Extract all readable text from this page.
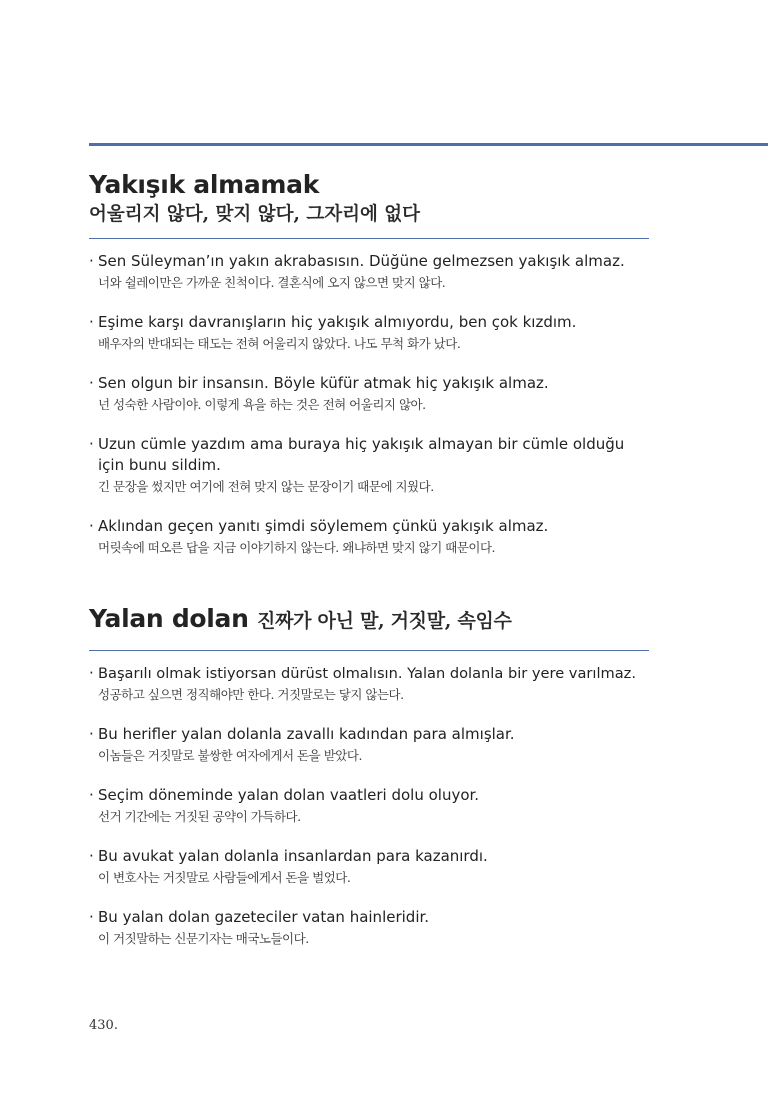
Yakışık almamak
어울리지 않다, 맞지 않다, 그자리에 없다
· Sen Süleyman’ın yakın akrabasısın. Düğüne gelmezsen yakışık almaz.
너와 쉴레이만은 가까운 친척이다. 결혼식에 오지 않으면 맞지 않다.
· Eşime karşı davranışların hiç yakışık almıyordu, ben çok kızdım.
배우자의 반대되는 태도는 전혀 어울리지 않았다. 나도 무척 화가 났다.
· Sen olgun bir insansın. Böyle küfür atmak hiç yakışık almaz.
넌 성숙한 사람이야. 이렇게 욕을 하는 것은 전혀 어울리지 않아.
· Uzun cümle yazdım ama buraya hiç yakışık almayan bir cümle olduğu için bunu sildim.
긴 문장을 썼지만 여기에 전혀 맞지 않는 문장이기 때문에 지웠다.
· Aklından geçen yanıtı şimdi söylemem çünkü yakışık almaz.
머릿속에 떠오른 답을 지금 이야기하지 않는다. 왜냐하면 맞지 않기 때문이다.
Yalan dolan 진짜가 아닌 말, 거짓말, 속임수
· Başarılı olmak istiyorsan dürüst olmalısın. Yalan dolanla bir yere varılmaz.
성공하고 싶으면 정직해야만 한다. 거짓말로는 닿지 않는다.
· Bu herifler yalan dolanla zavallı kadından para almışlar.
이놈들은 거짓말로 불쌍한 여자에게서 돈을 받았다.
· Seçim döneminde yalan dolan vaatleri dolu oluyor.
선거 기간에는 거짓된 공약이 가득하다.
· Bu avukat yalan dolanla insanlardan para kazanırdı.
이 변호사는 거짓말로 사람들에게서 돈을 벌었다.
· Bu yalan dolan gazeteciler vatan hainleridir.
이 거짓말하는 신문기자는 매국노들이다.
430.
